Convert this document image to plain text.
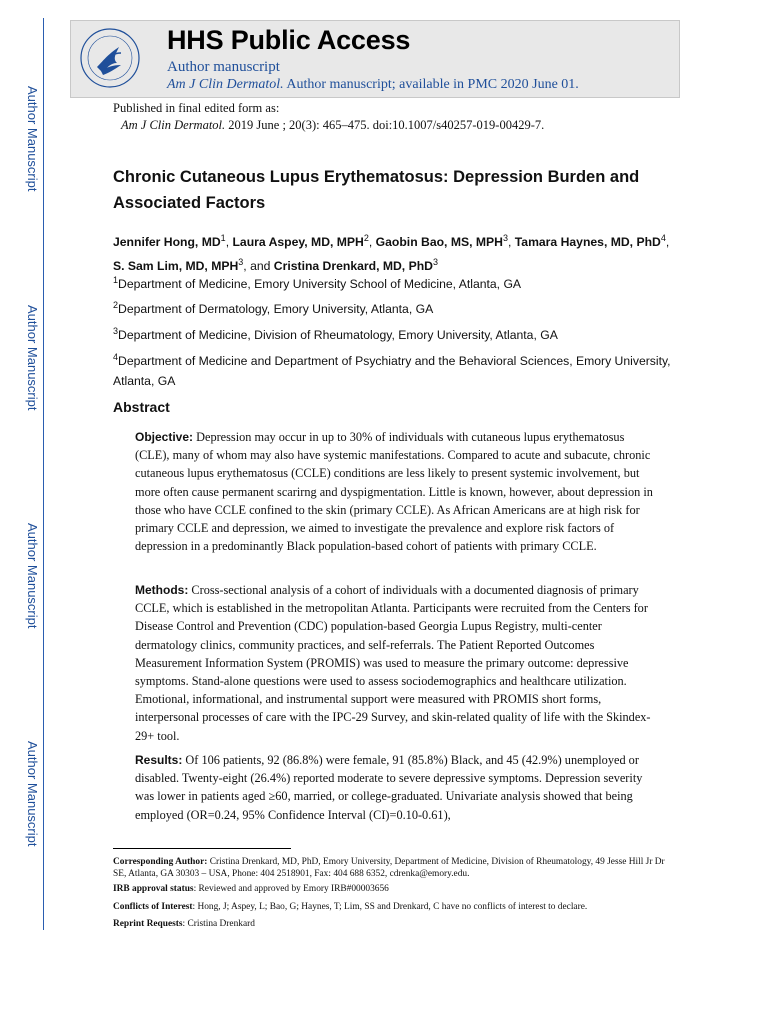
Author Manuscript
Author Manuscript
Author Manuscript
Author Manuscript
HHS Public Access
Author manuscript
Am J Clin Dermatol. Author manuscript; available in PMC 2020 June 01.
Published in final edited form as:
Am J Clin Dermatol. 2019 June ; 20(3): 465–475. doi:10.1007/s40257-019-00429-7.
Chronic Cutaneous Lupus Erythematosus: Depression Burden and Associated Factors
Jennifer Hong, $MD^1$, Laura Aspey, MD, MPH$^2$, Gaobin Bao, MS, MPH$^3$, Tamara Haynes, MD, PhD$^4$, S. Sam Lim, MD, MPH$^3$, and Cristina Drenkard, MD, PhD$^3$
$^1$Department of Medicine, Emory University School of Medicine, Atlanta, GA
$^2$Department of Dermatology, Emory University, Atlanta, GA
$^3$Department of Medicine, Division of Rheumatology, Emory University, Atlanta, GA
$^4$Department of Medicine and Department of Psychiatry and the Behavioral Sciences, Emory University, Atlanta, GA
Abstract
Objective: Depression may occur in up to 30% of individuals with cutaneous lupus erythematosus (CLE), many of whom may also have systemic manifestations. Compared to acute and subacute, chronic cutaneous lupus erythematosus (CCLE) conditions are less likely to present systemic involvement, but more often cause permanent scarirng and dyspigmentation. Little is known, however, about depression in those who have CCLE confined to the skin (primary CCLE). As African Americans are at high risk for primary CCLE and depression, we aimed to investigate the prevalence and explore risk factors of depression in a predominantly Black population-based cohort of patients with primary CCLE.
Methods: Cross-sectional analysis of a cohort of individuals with a documented diagnosis of primary CCLE, which is established in the metropolitan Atlanta. Participants were recruited from the Centers for Disease Control and Prevention (CDC) population-based Georgia Lupus Registry, multi-center dermatology clinics, community practices, and self-referrals. The Patient Reported Outcomes Measurement Information System (PROMIS) was used to measure the primary outcome: depressive symptoms. Stand-alone questions were used to assess sociodemographics and healthcare utilization. Emotional, informational, and instrumental support were measured with PROMIS short forms, interpersonal processes of care with the IPC-29 Survey, and skin-related quality of life with the Skindex-29+ tool.
Results: Of 106 patients, 92 (86.8%) were female, 91 (85.8%) Black, and 45 (42.9%) unemployed or disabled. Twenty-eight (26.4%) reported moderate to severe depressive symptoms. Depression severity was lower in patients aged ≥60, married, or college-graduated. Univariate analysis showed that being employed (OR=0.24, 95% Confidence Interval (CI)=0.10-0.61),
Corresponding Author: Cristina Drenkard, MD, PhD, Emory University, Department of Medicine, Division of Rheumatology, 49 Jesse Hill Jr Dr SE, Atlanta, GA 30303 – USA, Phone: 404 2518901, Fax: 404 688 6352, cdrenka@emory.edu.
IRB approval status: Reviewed and approved by Emory IRB#00003656
Conflicts of Interest: Hong, J; Aspey, L; Bao, G; Haynes, T; Lim, SS and Drenkard, C have no conflicts of interest to declare.
Reprint Requests: Cristina Drenkard
